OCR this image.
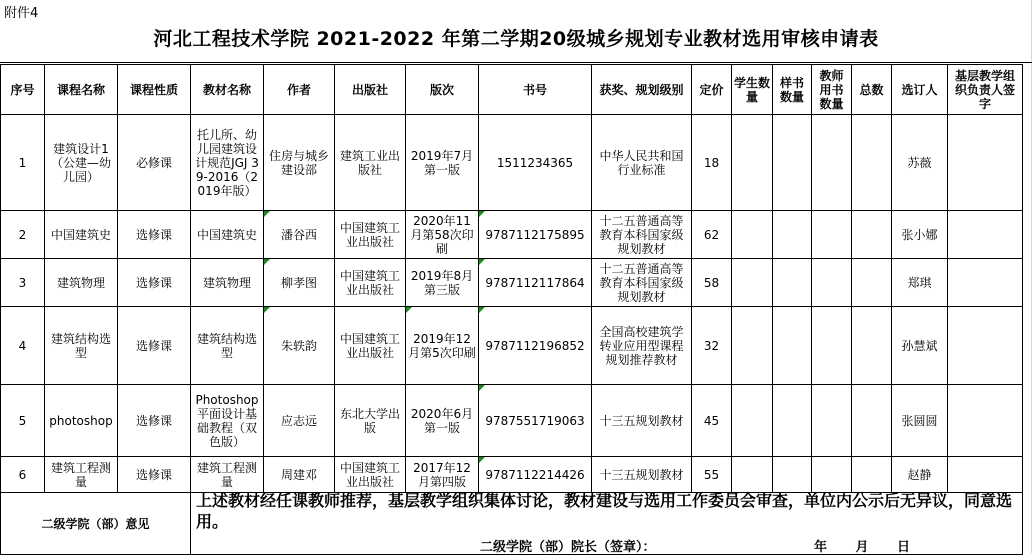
附件4
河北工程技术学院 2021-2022 年第二学期20级城乡规划专业教材选用审核申请表
序号	课程名称	课程性质	教材名称	作者	出版社	版次	书号	获奖、规划级别	定价	学生数量	样书数量	教师用书数量	总数	选订人	基层教学组织负责人签字
1	建筑设计1（公建—幼儿园）	必修课	托儿所、幼儿园建筑设计规范JGJ 39-2016（2019年版）	住房与城乡建设部	建筑工业出版社	2019年7月第一版	1511234365	中华人民共和国行业标准	18					苏薇	
2	中国建筑史	选修课	中国建筑史	潘谷西	中国建筑工业出版社	2020年11月第58次印刷	9787112175895	十二五普通高等教育本科国家级规划教材	62					张小娜	
3	建筑物理	选修课	建筑物理	柳孝图	中国建筑工业出版社	2019年8月第三版	9787112117864	十二五普通高等教育本科国家级规划教材	58					郑琪	
4	建筑结构选型	选修课	建筑结构选型	朱轶韵	中国建筑工业出版社	2019年12月第5次印刷	9787112196852	全国高校建筑学转业应用型课程规划推荐教材	32					孙慧斌	
5	photoshop	选修课	Photoshop平面设计基础教程（双色版）	应志远	东北大学出版	2020年6月第一版	9787551719063	十三五规划教材	45					张圆圆	
6	建筑工程测量	选修课	建筑工程测量	周建邓	中国建筑工业出版社	2017年12月第四版	9787112214426	十三五规划教材	55					赵静	
二级学院（部）意见															
上述教材经任课教师推荐，基层教学组织集体讨论，教材建设与选用工作委员会审查，单位内公示后无异议，同意选用。
二级学院（部）院长（签章）：	年 月 日
